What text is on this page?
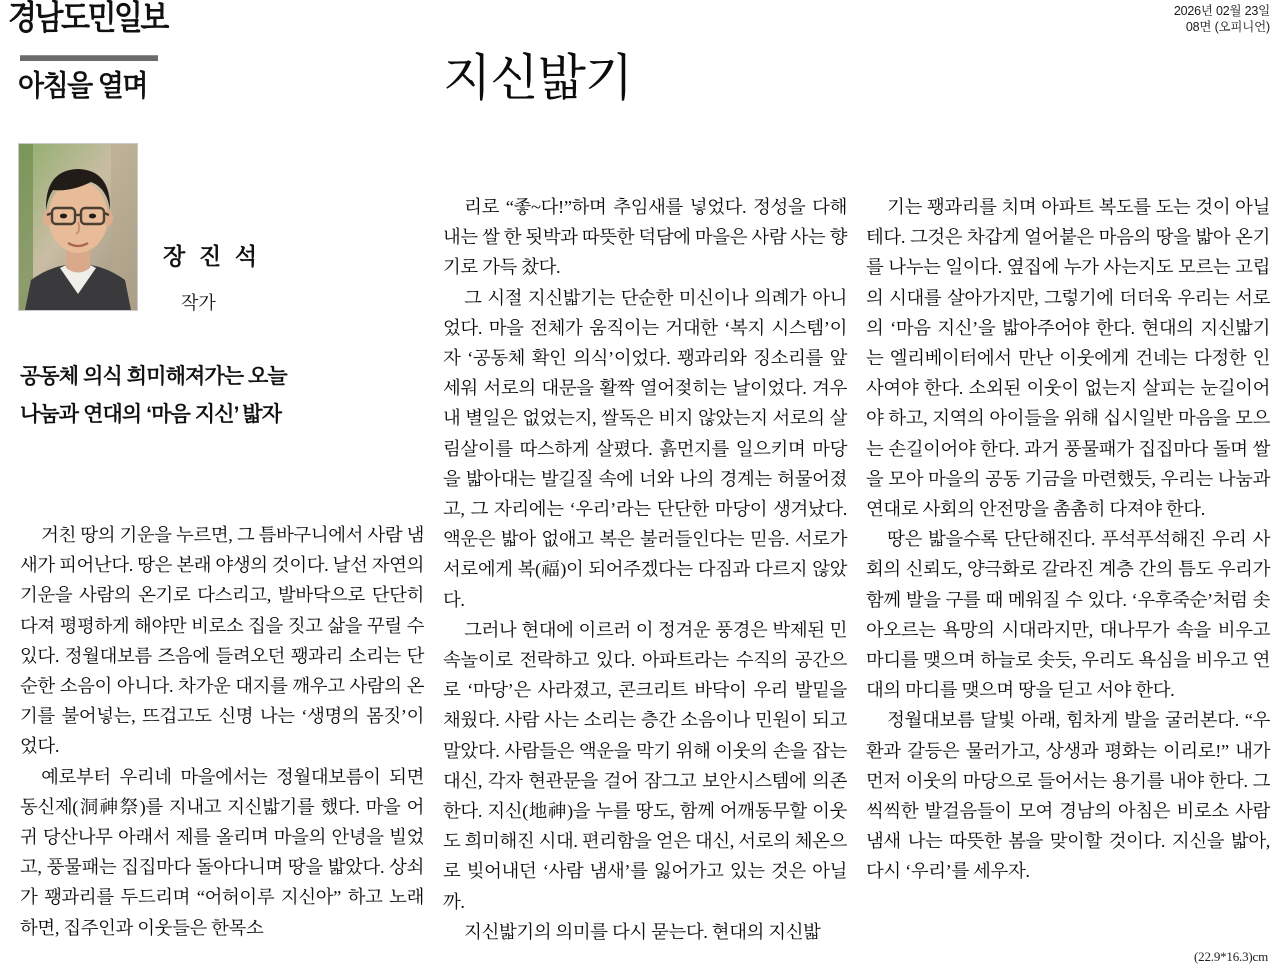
경남도민일보	2026년 02월 23일
08면 (오피니언)
아침을 열며	지신밟기
장 진 석
작가
공동체 의식 희미해져가는 오늘
나눔과 연대의 ‘마음 지신’ 밟자

거친 땅의 기운을 누르면, 그 틈바구니에서 사람 냄새가 피어난다. 땅은 본래 야생의 것이다. 날선 자연의 기운을 사람의 온기로 다스리고, 발바닥으로 단단히 다져 평평하게 해야만 비로소 집을 짓고 삶을 꾸릴 수 있다. 정월대보름 즈음에 들려오던 꽹과리 소리는 단순한 소음이 아니다. 차가운 대지를 깨우고 사람의 온기를 불어넣는, 뜨겁고도 신명 나는 ‘생명의 몸짓’이었다.

예로부터 우리네 마을에서는 정월대보름이 되면 동신제(洞神祭)를 지내고 지신밟기를 했다. 마을 어귀 당산나무 아래서 제를 올리며 마을의 안녕을 빌었고, 풍물패는 집집마다 돌아다니며 땅을 밟았다. 상쇠가 꽹과리를 두드리며 “어허이루 지신아” 하고 노래하면, 집주인과 이웃들은 한목소

리로 “좋~다!”하며 추임새를 넣었다. 정성을 다해 내는 쌀 한 됫박과 따뜻한 덕담에 마을은 사람 사는 향기로 가득 찼다.

그 시절 지신밟기는 단순한 미신이나 의례가 아니었다. 마을 전체가 움직이는 거대한 ‘복지 시스템’이자 ‘공동체 확인 의식’이었다. 꽹과리와 징소리를 앞세워 서로의 대문을 활짝 열어젖히는 날이었다. 겨우내 별일은 없었는지, 쌀독은 비지 않았는지 서로의 살림살이를 따스하게 살폈다. 흙먼지를 일으키며 마당을 밟아대는 발길질 속에 너와 나의 경계는 허물어졌고, 그 자리에는 ‘우리’라는 단단한 마당이 생겨났다. 액운은 밟아 없애고 복은 불러들인다는 믿음. 서로가 서로에게 복(福)이 되어주겠다는 다짐과 다르지 않았다.

그러나 현대에 이르러 이 정겨운 풍경은 박제된 민속놀이로 전락하고 있다. 아파트라는 수직의 공간으로 ‘마당’은 사라졌고, 콘크리트 바닥이 우리 발밑을 채웠다. 사람 사는 소리는 층간 소음이나 민원이 되고 말았다. 사람들은 액운을 막기 위해 이웃의 손을 잡는 대신, 각자 현관문을 걸어 잠그고 보안시스템에 의존한다. 지신(地神)을 누를 땅도, 함께 어깨동무할 이웃도 희미해진 시대. 편리함을 얻은 대신, 서로의 체온으로 빚어내던 ‘사람 냄새’를 잃어가고 있는 것은 아닐까.

지신밟기의 의미를 다시 묻는다. 현대의 지신밟

기는 꽹과리를 치며 아파트 복도를 도는 것이 아닐 테다. 그것은 차갑게 얼어붙은 마음의 땅을 밟아 온기를 나누는 일이다. 옆집에 누가 사는지도 모르는 고립의 시대를 살아가지만, 그렇기에 더더욱 우리는 서로의 ‘마음 지신’을 밟아주어야 한다. 현대의 지신밟기는 엘리베이터에서 만난 이웃에게 건네는 다정한 인사여야 한다. 소외된 이웃이 없는지 살피는 눈길이어야 하고, 지역의 아이들을 위해 십시일반 마음을 모으는 손길이어야 한다. 과거 풍물패가 집집마다 돌며 쌀을 모아 마을의 공동 기금을 마련했듯, 우리는 나눔과 연대로 사회의 안전망을 촘촘히 다져야 한다.

땅은 밟을수록 단단해진다. 푸석푸석해진 우리 사회의 신뢰도, 양극화로 갈라진 계층 간의 틈도 우리가 함께 발을 구를 때 메워질 수 있다. ‘우후죽순’처럼 솟아오르는 욕망의 시대라지만, 대나무가 속을 비우고 마디를 맺으며 하늘로 솟듯, 우리도 욕심을 비우고 연대의 마디를 맺으며 땅을 딛고 서야 한다.

정월대보름 달빛 아래, 힘차게 발을 굴러본다. “우환과 갈등은 물러가고, 상생과 평화는 이리로!” 내가 먼저 이웃의 마당으로 들어서는 용기를 내야 한다. 그 씩씩한 발걸음들이 모여 경남의 아침은 비로소 사람 냄새 나는 따뜻한 봄을 맞이할 것이다. 지신을 밟아, 다시 ‘우리’를 세우자.

(22.9*16.3)cm
